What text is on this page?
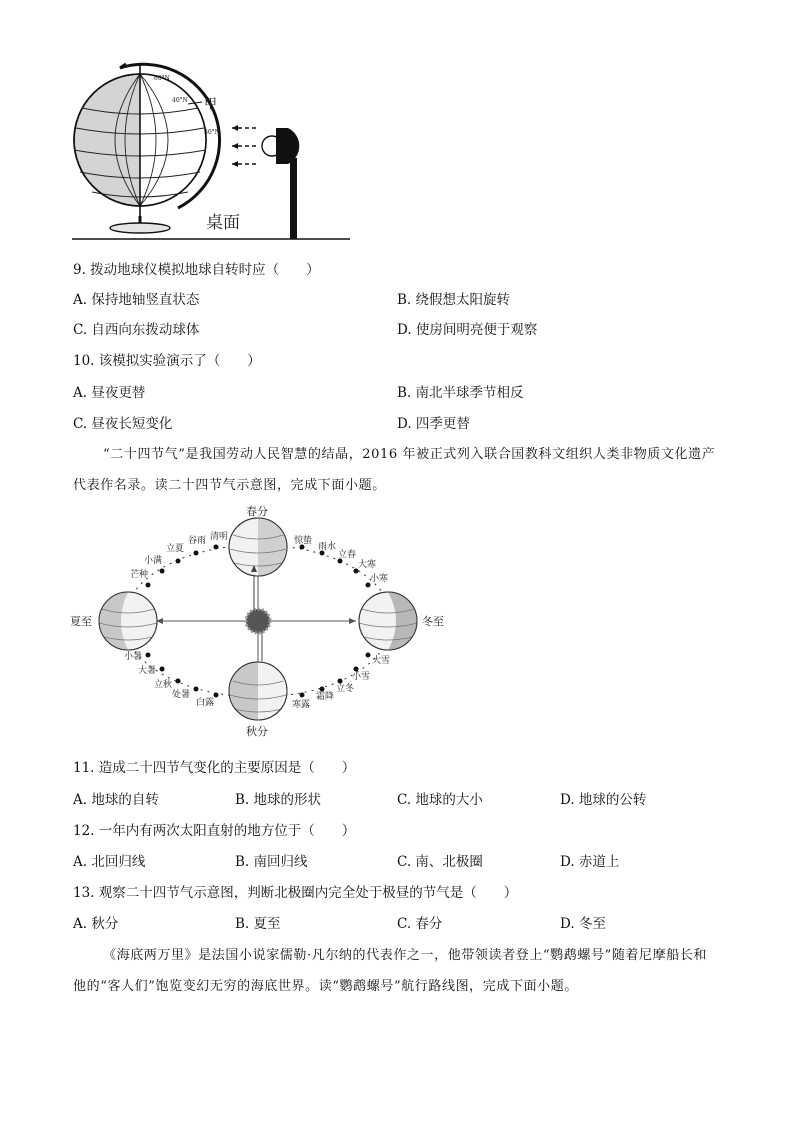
60°N
40°N
30°N
甲
桌面
9. 拨动地球仪模拟地球自转时应（　　）
A. 保持地轴竖直状态	B. 绕假想太阳旋转
C. 自西向东拨动球体	D. 使房间明亮便于观察
10. 该模拟实验演示了（　　）
A. 昼夜更替	B. 南北半球季节相反
C. 昼夜长短变化	D. 四季更替
“二十四节气”是我国劳动人民智慧的结晶，2016 年被正式列入联合国教科文组织人类非物质文化遗产
代表作名录。读二十四节气示意图，完成下面小题。
春分
夏至
秋分
冬至
清明
谷雨
立夏
小满
芒种
小暑
大暑
立秋
处暑
白露	寒露
霜降
立冬
小雪
大雪
小寒
大寒
立春
雨水
惊蛰
11. 造成二十四节气变化的主要原因是（　　）
A. 地球的自转	B. 地球的形状	C. 地球的大小	D. 地球的公转
12. 一年内有两次太阳直射的地方位于（　　）
A. 北回归线	B. 南回归线	C. 南、北极圈	D. 赤道上
13. 观察二十四节气示意图，判断北极圈内完全处于极昼的节气是（　　）
A. 秋分	B. 夏至	C. 春分	D. 冬至
《海底两万里》是法国小说家儒勒·凡尔纳的代表作之一，他带领读者登上“鹦鹉螺号”随着尼摩船长和
他的“客人们”饱览变幻无穷的海底世界。读“鹦鹉螺号”航行路线图，完成下面小题。
